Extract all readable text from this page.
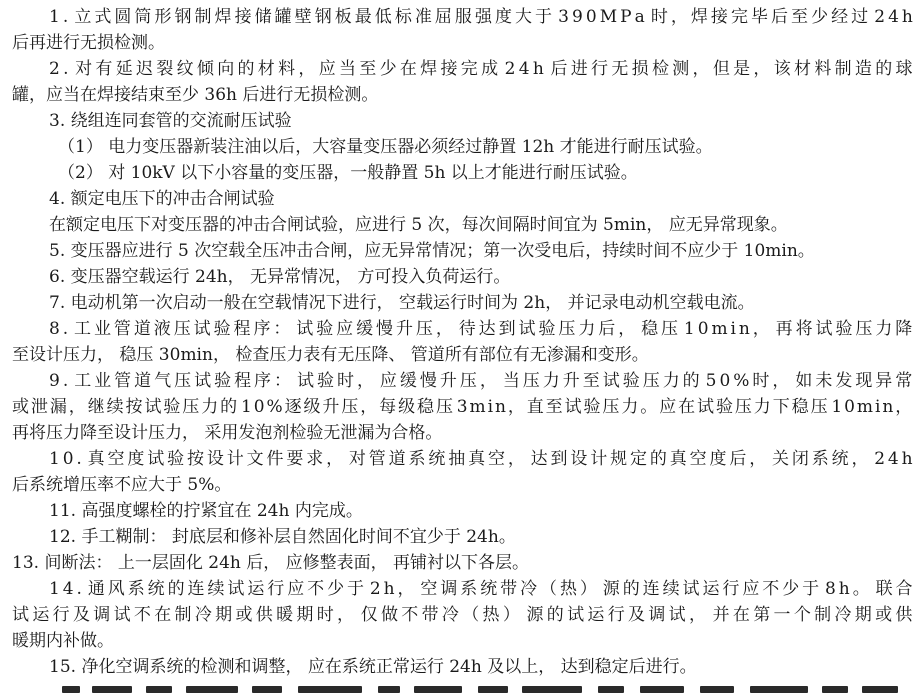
1 . 立 式 圆 筒 形 钢 制 焊 接 储 罐 壁 钢 板 最 低 标 准 屈 服 强 度 大 于 3 9 0 M P a 时 ， 焊 接 完 毕 后 至 少 经 过 2 4 h
后再进行无损检测。
2 . 对 有 延 迟 裂 纹 倾 向 的 材 料 ， 应 当 至 少 在 焊 接 完 成 2 4 h 后 进 行 无 损 检 测 ， 但 是 ， 该 材 料 制 造 的 球
罐，应当在焊接结束至少 36h 后进行无损检测。
3. 绕组连同套管的交流耐压试验
（1） 电力变压器新装注油以后，大容量变压器必须经过静置 12h 才能进行耐压试验。
（2） 对 10kV 以下小容量的变压器，一般静置 5h 以上才能进行耐压试验。
4. 额定电压下的冲击合闸试验
在额定电压下对变压器的冲击合闸试验，应进行 5 次，每次间隔时间宜为 5min， 应无异常现象。
5. 变压器应进行 5 次空载全压冲击合闸，应无异常情况；第一次受电后，持续时间不应少于 10min。
6. 变压器空载运行 24h， 无异常情况， 方可投入负荷运行。
7. 电动机第一次启动一般在空载情况下进行， 空载运行时间为 2h， 并记录电动机空载电流。
8 . 工 业 管 道 液 压 试 验 程 序 ： 试 验 应 缓 慢 升 压 ， 待 达 到 试 验 压 力 后 ， 稳 压 1 0 m i n ， 再 将 试 验 压 力 降
至设计压力， 稳压 30min， 检查压力表有无压降、 管道所有部位有无渗漏和变形。
9 . 工 业 管 道 气 压 试 验 程 序 ： 试 验 时 ， 应 缓 慢 升 压 ， 当 压 力 升 至 试 验 压 力 的 5 0 % 时 ， 如 未 发 现 异 常
或 泄 漏 ， 继 续 按 试 验 压 力 的 1 0 % 逐 级 升 压 ， 每 级 稳 压 3 m i n ， 直 至 试 验 压 力 。 应 在 试 验 压 力 下 稳 压 1 0 m i n ，
再将压力降至设计压力， 采用发泡剂检验无泄漏为合格。
1 0 . 真 空 度 试 验 按 设 计 文 件 要 求 ， 对 管 道 系 统 抽 真 空 ， 达 到 设 计 规 定 的 真 空 度 后 ， 关 闭 系 统 ， 2 4 h
后系统增压率不应大于 5%。
11. 高强度螺栓的拧紧宜在 24h 内完成。
12. 手工糊制： 封底层和修补层自然固化时间不宜少于 24h。
13. 间断法： 上一层固化 24h 后， 应修整表面， 再铺衬以下各层。
1 4 . 通 风 系 统 的 连 续 试 运 行 应 不 少 于 2 h ， 空 调 系 统 带 冷 （ 热 ） 源 的 连 续 试 运 行 应 不 少 于 8 h 。 联 合
试 运 行 及 调 试 不 在 制 冷 期 或 供 暖 期 时 ， 仅 做 不 带 冷 （ 热 ） 源 的 试 运 行 及 调 试 ， 并 在 第 一 个 制 冷 期 或 供
暖期内补做。
15. 净化空调系统的检测和调整， 应在系统正常运行 24h 及以上， 达到稳定后进行。
